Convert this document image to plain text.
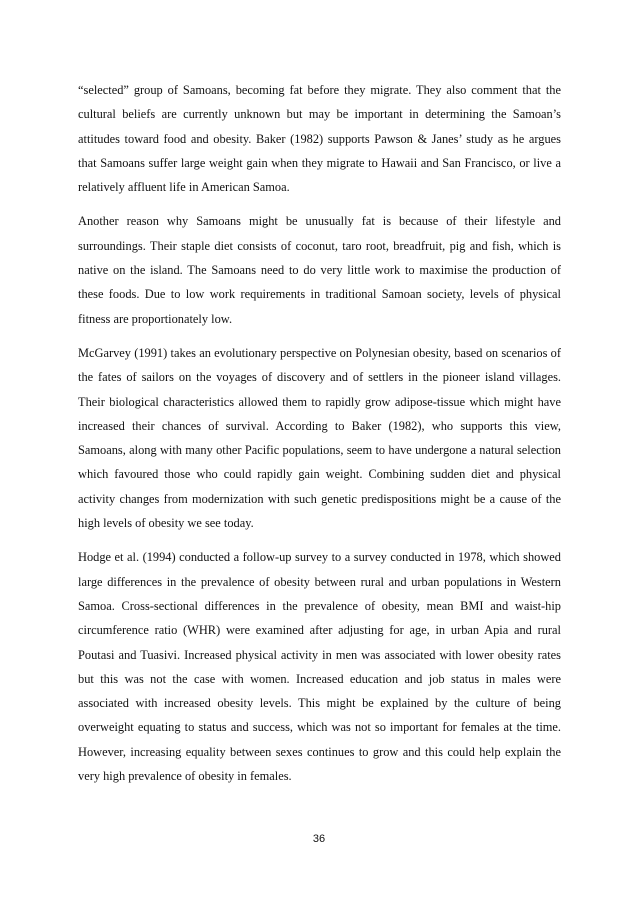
“selected” group of Samoans, becoming fat before they migrate. They also comment that the cultural beliefs are currently unknown but may be important in determining the Samoan’s attitudes toward food and obesity. Baker (1982) supports Pawson & Janes’ study as he argues that Samoans suffer large weight gain when they migrate to Hawaii and San Francisco, or live a relatively affluent life in American Samoa.

Another reason why Samoans might be unusually fat is because of their lifestyle and surroundings. Their staple diet consists of coconut, taro root, breadfruit, pig and fish, which is native on the island. The Samoans need to do very little work to maximise the production of these foods. Due to low work requirements in traditional Samoan society, levels of physical fitness are proportionately low.

McGarvey (1991) takes an evolutionary perspective on Polynesian obesity, based on scenarios of the fates of sailors on the voyages of discovery and of settlers in the pioneer island villages. Their biological characteristics allowed them to rapidly grow adipose-tissue which might have increased their chances of survival. According to Baker (1982), who supports this view, Samoans, along with many other Pacific populations, seem to have undergone a natural selection which favoured those who could rapidly gain weight. Combining sudden diet and physical activity changes from modernization with such genetic predispositions might be a cause of the high levels of obesity we see today.

Hodge et al. (1994) conducted a follow-up survey to a survey conducted in 1978, which showed large differences in the prevalence of obesity between rural and urban populations in Western Samoa. Cross-sectional differences in the prevalence of obesity, mean BMI and waist-hip circumference ratio (WHR) were examined after adjusting for age, in urban Apia and rural Poutasi and Tuasivi. Increased physical activity in men was associated with lower obesity rates but this was not the case with women. Increased education and job status in males were associated with increased obesity levels. This might be explained by the culture of being overweight equating to status and success, which was not so important for females at the time. However, increasing equality between sexes continues to grow and this could help explain the very high prevalence of obesity in females.

36
